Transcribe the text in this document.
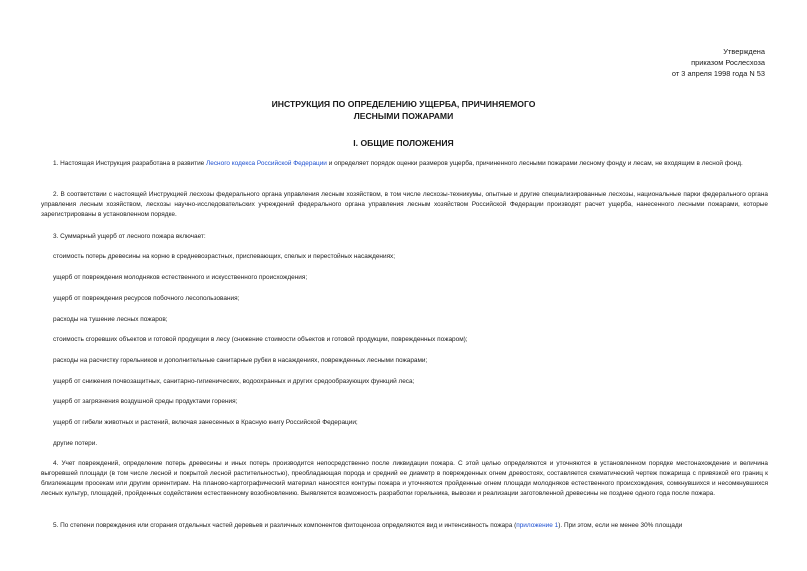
Утверждена
приказом Рослесхоза
от 3 апреля 1998 года N 53
ИНСТРУКЦИЯ ПО ОПРЕДЕЛЕНИЮ УЩЕРБА, ПРИЧИНЯЕМОГО
ЛЕСНЫМИ ПОЖАРАМИ
I. ОБЩИЕ ПОЛОЖЕНИЯ
1. Настоящая Инструкция разработана в развитие Лесного кодекса Российской Федерации и определяет порядок оценки размеров ущерба, причиненного лесными пожарами лесному фонду и лесам, не входящим в лесной фонд.
2. В соответствии с настоящей Инструкцией лесхозы федерального органа управления лесным хозяйством, в том числе лесхозы-техникумы, опытные и другие специализированные лесхозы, национальные парки федерального органа управления лесным хозяйством, лесхозы научно-исследовательских учреждений федерального органа управления лесным хозяйством Российской Федерации производят расчет ущерба, нанесенного лесными пожарами, которые зарегистрированы в установленном порядке.
3. Суммарный ущерб от лесного пожара включает:
стоимость потерь древесины на корню в средневозрастных, приспевающих, спелых и перестойных насаждениях;
ущерб от повреждения молодняков естественного и искусственного происхождения;
ущерб от повреждения ресурсов побочного лесопользования;
расходы на тушение лесных пожаров;
стоимость сгоревших объектов и готовой продукции в лесу (снижение стоимости объектов и готовой продукции, поврежденных пожаром);
расходы на расчистку горельников и дополнительные санитарные рубки в насаждениях, поврежденных лесными пожарами;
ущерб от снижения почвозащитных, санитарно-гигиенических, водоохранных и других средообразующих функций леса;
ущерб от загрязнения воздушной среды продуктами горения;
ущерб от гибели животных и растений, включая занесенных в Красную книгу Российской Федерации;
другие потери.
4. Учет повреждений, определение потерь древесины и иных потерь производится непосредственно после ликвидации пожара. С этой целью определяются и уточняются в установленном порядке местонахождение и величина выгоревшей площади (в том числе лесной и покрытой лесной растительностью), преобладающая порода и средний ее диаметр в поврежденных огнем древостоях, составляется схематический чертеж пожарища с привязкой его границ к близлежащим просекам или другим ориентирам. На планово-картографический материал наносятся контуры пожара и уточняются пройденные огнем площади молодняков естественного происхождения, сомкнувшихся и несомкнувшихся лесных культур, площадей, пройденных содействием естественному возобновлению. Выявляется возможность разработки горельника, вывозки и реализации заготовленной древесины не позднее одного года после пожара.
5. По степени повреждения или сгорания отдельных частей деревьев и различных компонентов фитоценоза определяются вид и интенсивность пожара (приложение 1). При этом, если не менее 30% площади
